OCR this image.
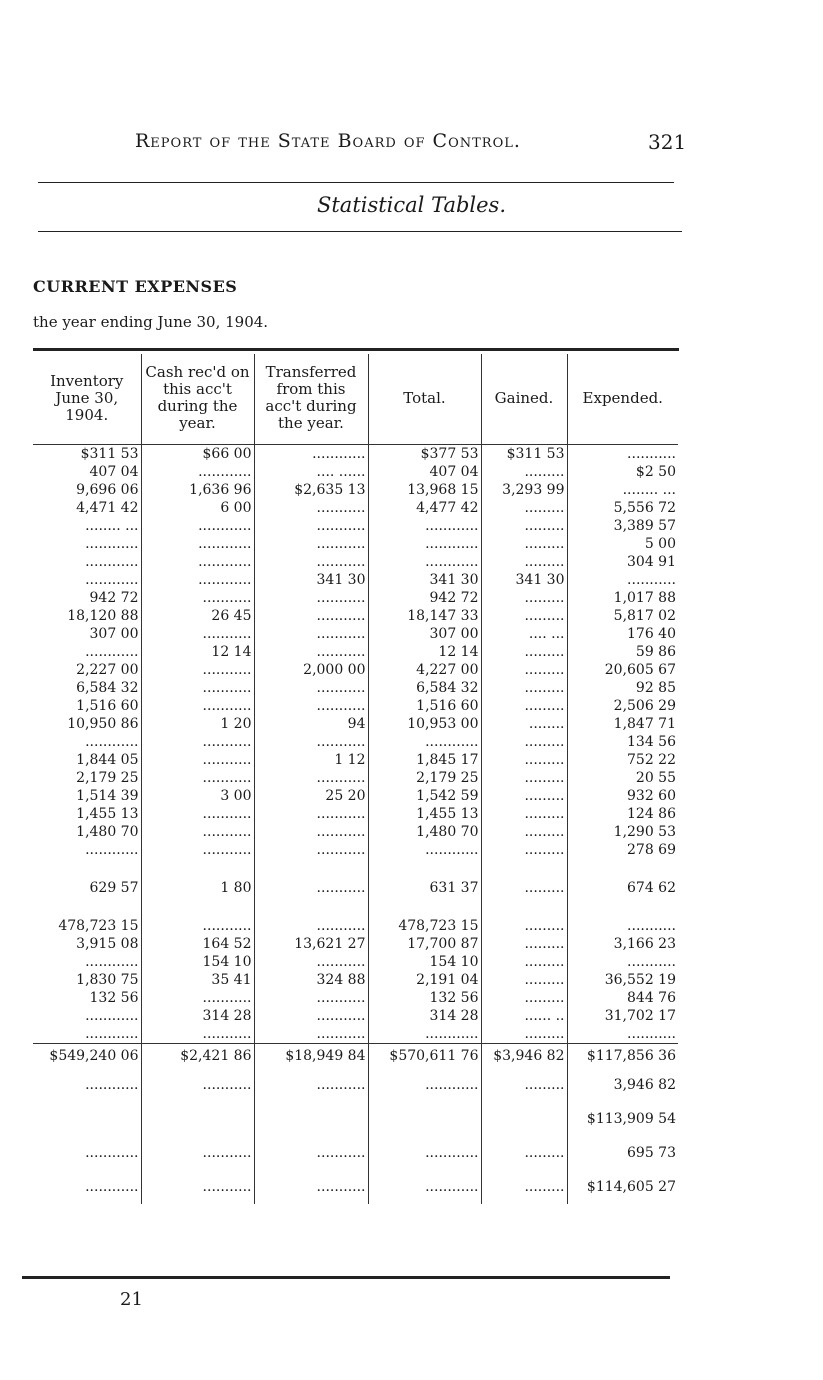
Report of the State Board of Control.	321
Statistical Tables.
CURRENT EXPENSES
the year ending June 30, 1904.
Inventory June 30, 1904.	Cash rec'd on this acc't during the year.	Transferred from this acc't during the year.	Total.	Gained.	Expended.
$311 53	$66 00	............	$377 53	$311 53	...........
407 04	............	.... ......	407 04	.........	$2 50
9,696 06	1,636 96	$2,635 13	13,968 15	3,293 99	........ ...
4,471 42	6 00	...........	4,477 42	.........	5,556 72
........ ...	............	...........	............	.........	3,389 57
............	............	...........	............	.........	5 00
............	............	...........	............	.........	304 91
............	............	341 30	341 30	341 30	...........
942 72	...........	...........	942 72	.........	1,017 88
18,120 88	26 45	...........	18,147 33	.........	5,817 02
307 00	...........	...........	307 00	.... ...	176 40
............	12 14	...........	12 14	.........	59 86
2,227 00	...........	2,000 00	4,227 00	.........	20,605 67
6,584 32	...........	...........	6,584 32	.........	92 85
1,516 60	...........	...........	1,516 60	.........	2,506 29
10,950 86	1 20	94	10,953 00	........	1,847 71
............	...........	...........	............	.........	134 56
1,844 05	...........	1 12	1,845 17	.........	752 22
2,179 25	...........	...........	2,179 25	.........	20 55
1,514 39	3 00	25 20	1,542 59	.........	932 60
1,455 13	...........	...........	1,455 13	.........	124 86
1,480 70	...........	...........	1,480 70	.........	1,290 53
............	...........	...........	............	.........	278 69

629 57	1 80	...........	631 37	.........	674 62

478,723 15	...........	...........	478,723 15	.........	...........
3,915 08	164 52	13,621 27	17,700 87	.........	3,166 23
............	154 10	...........	154 10	.........	...........
1,830 75	35 41	324 88	2,191 04	.........	36,552 19
132 56	...........	...........	132 56	.........	844 76
............	314 28	...........	314 28	...... ..	31,702 17
............	...........	...........	............	.........	...........
$549,240 06	$2,421 86	$18,949 84	$570,611 76	$3,946 82	$117,856 36
............	...........	...........	............	.........	3,946 82
					$113,909 54
............	...........	...........	............	.........	695 73
............	...........	...........	............	.........	$114,605 27
21
